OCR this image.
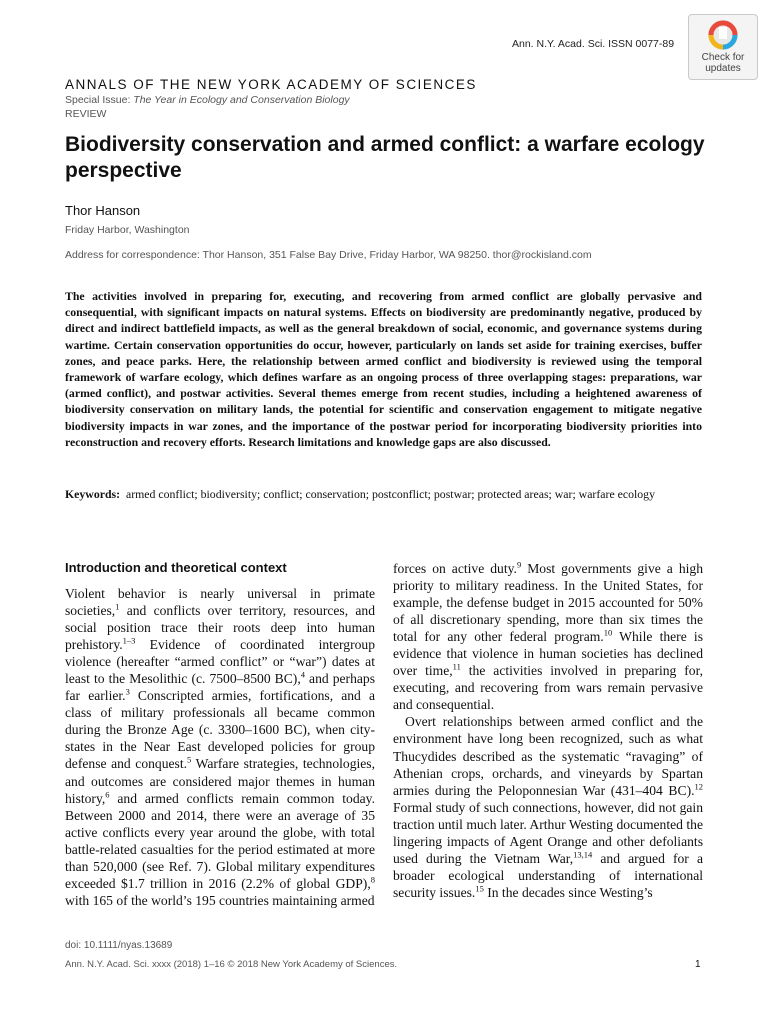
Ann. N.Y. Acad. Sci. ISSN 0077-89
Check for
updates
ANNALS OF THE NEW YORK ACADEMY OF SCIENCES
Special Issue: The Year in Ecology and Conservation Biology
REVIEW
Biodiversity conservation and armed conflict: a warfare ecology perspective
Thor Hanson
Friday Harbor, Washington
Address for correspondence: Thor Hanson, 351 False Bay Drive, Friday Harbor, WA 98250. thor@rockisland.com
The activities involved in preparing for, executing, and recovering from armed conflict are globally pervasive and consequential, with significant impacts on natural systems. Effects on biodiversity are predominantly negative, produced by direct and indirect battlefield impacts, as well as the general breakdown of social, economic, and governance systems during wartime. Certain conservation opportunities do occur, however, particularly on lands set aside for training exercises, buffer zones, and peace parks. Here, the relationship between armed conflict and biodiversity is reviewed using the temporal framework of warfare ecology, which defines warfare as an ongoing process of three overlapping stages: preparations, war (armed conflict), and postwar activities. Several themes emerge from recent studies, including a heightened awareness of biodiversity conservation on military lands, the potential for scientific and conservation engagement to mitigate negative biodiversity impacts in war zones, and the importance of the postwar period for incorporating biodiversity priorities into reconstruction and recovery efforts. Research limitations and knowledge gaps are also discussed.
Keywords: armed conflict; biodiversity; conflict; conservation; postconflict; postwar; protected areas; war; warfare ecology
Introduction and theoretical context

Violent behavior is nearly universal in primate societies,$^1$ and conflicts over territory, resources, and social position trace their roots deep into human prehistory.$^{1-3}$ Evidence of coordinated intergroup violence (hereafter “armed conflict” or “war”) dates at least to the Mesolithic (c. 7500–8500 BC),$^4$ and perhaps far earlier.$^3$ Conscripted armies, fortifications, and a class of military professionals all became common during the Bronze Age (c. 3300–1600 BC), when city-states in the Near East developed policies for group defense and conquest.$^5$ Warfare strategies, technologies, and outcomes are considered major themes in human history,$^6$ and armed conflicts remain common today. Between 2000 and 2014, there were an average of 35 active conflicts every year around the globe, with total battle-related casualties for the period estimated at more than 520,000 (see Ref. 7). Global military expenditures exceeded $1.7 trillion in 2016 (2.2% of global GDP),$^8$ with 165 of the world’s 195 countries maintaining armed

forces on active duty.$^9$ Most governments give a high priority to military readiness. In the United States, for example, the defense budget in 2015 accounted for 50% of all discretionary spending, more than six times the total for any other federal program.$^{10}$ While there is evidence that violence in human societies has declined over time,$^{11}$ the activities involved in preparing for, executing, and recovering from wars remain pervasive and consequential.

Overt relationships between armed conflict and the environment have long been recognized, such as what Thucydides described as the systematic “ravaging” of Athenian crops, orchards, and vineyards by Spartan armies during the Peloponnesian War (431–404 BC).$^{12}$ Formal study of such connections, however, did not gain traction until much later. Arthur Westing documented the lingering impacts of Agent Orange and other defoliants used during the Vietnam War,$^{13,14}$ and argued for a broader ecological understanding of international security issues.$^{15}$ In the decades since Westing’s

doi: 10.1111/nyas.13689
Ann. N.Y. Acad. Sci. xxxx (2018) 1–16 © 2018 New York Academy of Sciences.	1
